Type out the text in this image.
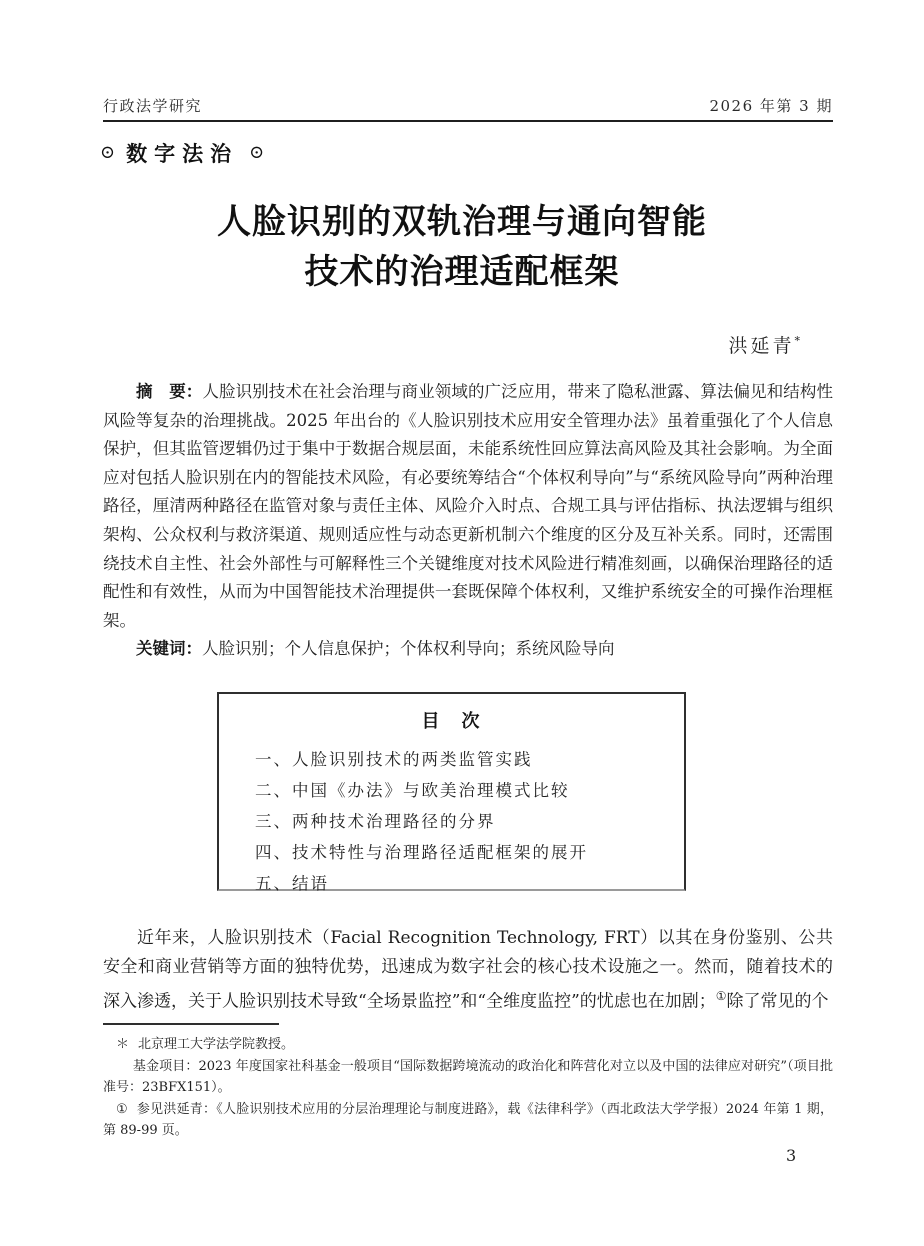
行政法学研究	2026 年第 3 期
⊙ 数字法治 ⊙
人脸识别的双轨治理与通向智能
技术的治理适配框架
洪延青*

摘　要：人脸识别技术在社会治理与商业领域的广泛应用，带来了隐私泄露、算法偏见和结构性风险等复杂的治理挑战。2025 年出台的《人脸识别技术应用安全管理办法》虽着重强化了个人信息保护，但其监管逻辑仍过于集中于数据合规层面，未能系统性回应算法高风险及其社会影响。为全面应对包括人脸识别在内的智能技术风险，有必要统筹结合“个体权利导向”与“系统风险导向”两种治理路径，厘清两种路径在监管对象与责任主体、风险介入时点、合规工具与评估指标、执法逻辑与组织架构、公众权利与救济渠道、规则适应性与动态更新机制六个维度的区分及互补关系。同时，还需围绕技术自主性、社会外部性与可解释性三个关键维度对技术风险进行精准刻画，以确保治理路径的适配性和有效性，从而为中国智能技术治理提供一套既保障个体权利，又维护系统安全的可操作治理框架。

关键词：人脸识别；个人信息保护；个体权利导向；系统风险导向

目　次
一、人脸识别技术的两类监管实践
二、中国《办法》与欧美治理模式比较
三、两种技术治理路径的分界
四、技术特性与治理路径适配框架的展开
五、结语
近年来，人脸识别技术（Facial Recognition Technology, FRT）以其在身份鉴别、公共安全和商业营销等方面的独特优势，迅速成为数字社会的核心技术设施之一。然而，随着技术的深入渗透，关于人脸识别技术导致“全场景监控”和“全维度监控”的忧虑也在加剧；①除了常见的个

＊ 北京理工大学法学院教授。

基金项目：2023 年度国家社科基金一般项目“国际数据跨境流动的政治化和阵营化对立以及中国的法律应对研究”（项目批准号：23BFX151）。

① 参见洪延青：《人脸识别技术应用的分层治理理论与制度进路》，载《法律科学》（西北政法大学学报）2024 年第 1 期，第 89-99 页。

3
